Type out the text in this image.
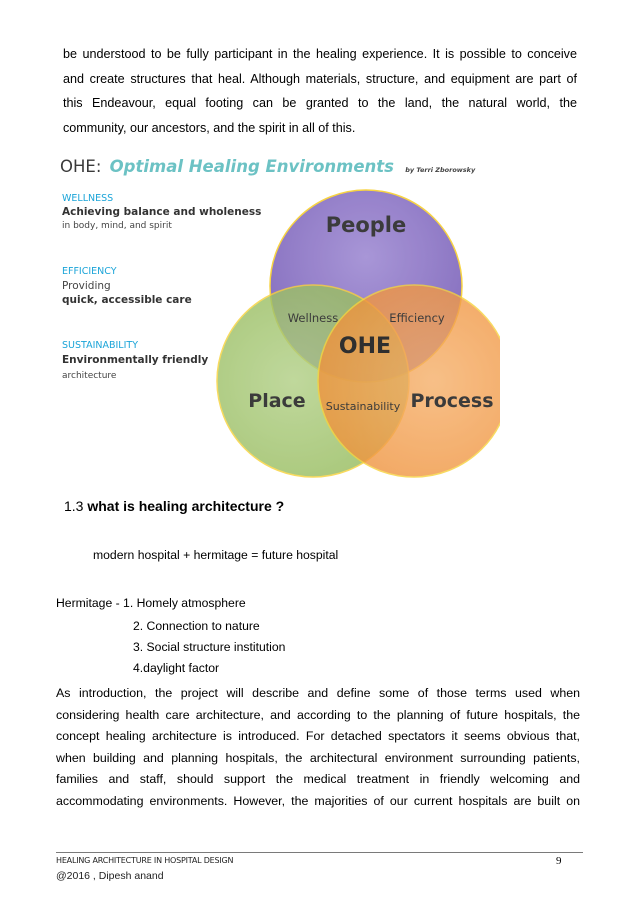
be understood to be fully participant in the healing experience. It is possible to conceive
and create structures that heal. Although materials, structure, and equipment are part of
this Endeavour, equal footing can be granted to the land, the natural world, the
community, our ancestors, and the spirit in all of this.
OHE: Optimal Healing Environments by Terri Zborowsky
WELLNESS
Achieving balance and wholeness
in body, mind, and spirit
EFFICIENCY
Providing
quick, accessible care
SUSTAINABILITY
Environmentally friendly
architecture
People
Place	Process
Wellness	Efficiency
Sustainability
OHE
1.3 what is healing architecture ?
modern hospital + hermitage = future hospital
Hermitage - 1. Homely atmosphere
2. Connection to nature
3. Social structure institution
4.daylight factor
As introduction, the project will describe and define some of those terms used when
considering health care architecture, and according to the planning of future hospitals, the
concept healing architecture is introduced. For detached spectators it seems obvious that,
when building and planning hospitals, the architectural environment surrounding patients,
families and staff, should support the medical treatment in friendly welcoming and
accommodating environments. However, the majorities of our current hospitals are built on
HEALING ARCHITECTURE IN HOSPITAL DESIGN
@2016 , Dipesh anand
9
